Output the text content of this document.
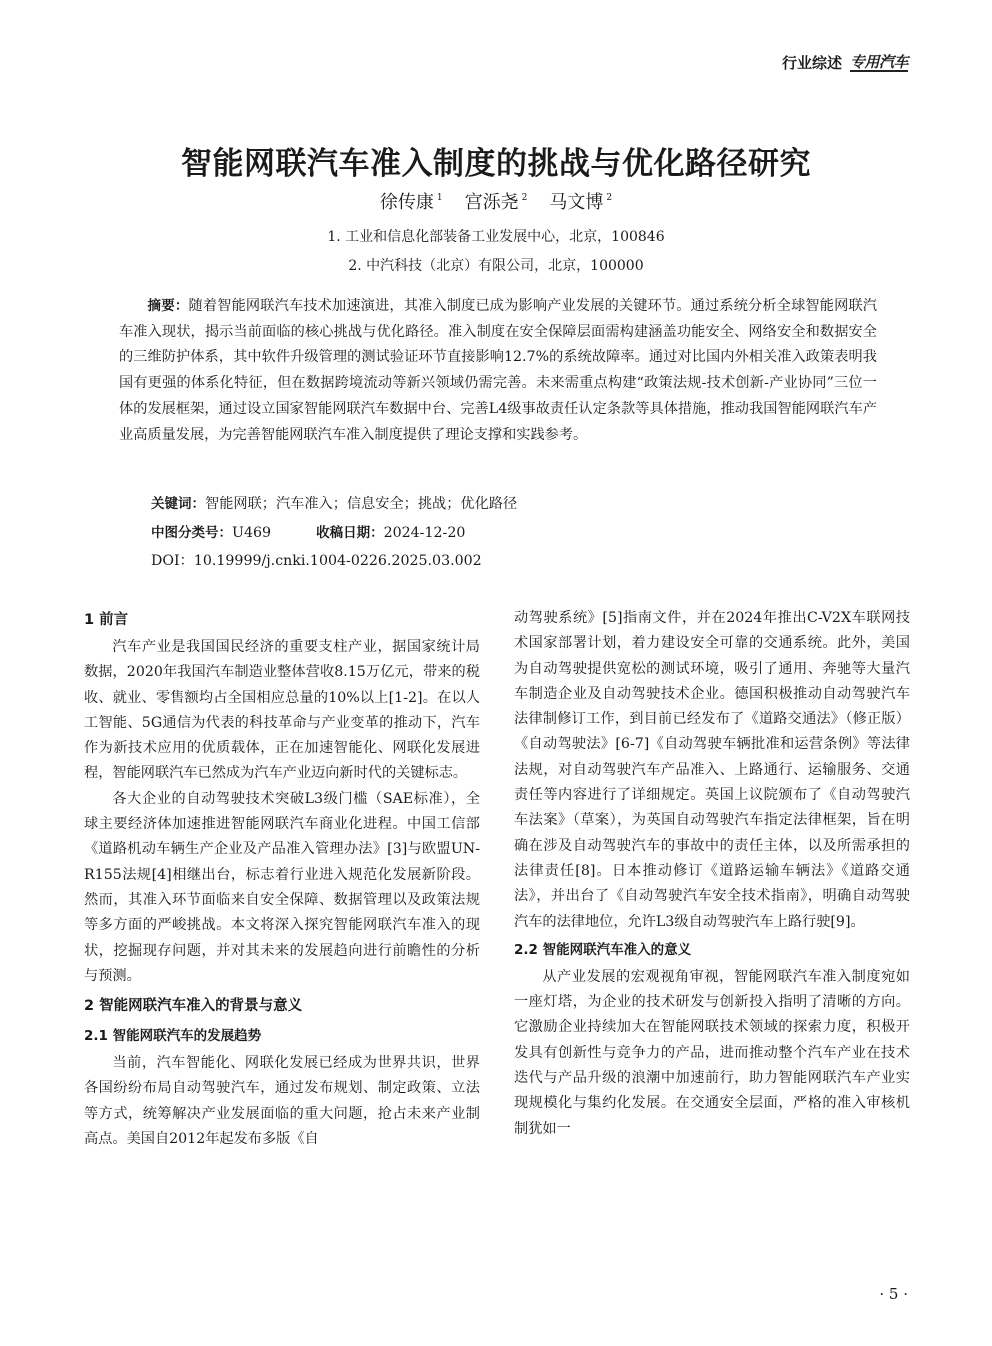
行业综述 专用汽车
智能网联汽车准入制度的挑战与优化路径研究
徐传康 $^1$ 宫泺尧 $^2$ 马文博 $^2$
1. 工业和信息化部装备工业发展中心，北京，100846
2. 中汽科技（北京）有限公司，北京，100000
摘要：随着智能网联汽车技术加速演进，其准入制度已成为影响产业发展的关键环节。通过系统分析全球智能网联汽车准入现状，揭示当前面临的核心挑战与优化路径。准入制度在安全保障层面需构建涵盖功能安全、网络安全和数据安全的三维防护体系，其中软件升级管理的测试验证环节直接影响12.7%的系统故障率。通过对比国内外相关准入政策表明我国有更强的体系化特征，但在数据跨境流动等新兴领域仍需完善。未来需重点构建“政策法规-技术创新-产业协同”三位一体的发展框架，通过设立国家智能网联汽车数据中台、完善L4级事故责任认定条款等具体措施，推动我国智能网联汽车产业高质量发展，为完善智能网联汽车准入制度提供了理论支撑和实践参考。
关键词：智能网联；汽车准入；信息安全；挑战；优化路径
中图分类号：U469	收稿日期：2024-12-20
DOI：10.19999/j.cnki.1004-0226.2025.03.002
1 前言

汽车产业是我国国民经济的重要支柱产业，据国家统计局数据，2020年我国汽车制造业整体营收8.15万亿元，带来的税收、就业、零售额均占全国相应总量的10%以上[1-2]。在以人工智能、5G通信为代表的科技革命与产业变革的推动下，汽车作为新技术应用的优质载体，正在加速智能化、网联化发展进程，智能网联汽车已然成为汽车产业迈向新时代的关键标志。

各大企业的自动驾驶技术突破L3级门槛（SAE标准），全球主要经济体加速推进智能网联汽车商业化进程。中国工信部《道路机动车辆生产企业及产品准入管理办法》[3]与欧盟UN-R155法规[4]相继出台，标志着行业进入规范化发展新阶段。然而，其准入环节面临来自安全保障、数据管理以及政策法规等多方面的严峻挑战。本文将深入探究智能网联汽车准入的现状，挖掘现存问题，并对其未来的发展趋向进行前瞻性的分析与预测。

2 智能网联汽车准入的背景与意义
2.1 智能网联汽车的发展趋势

当前，汽车智能化、网联化发展已经成为世界共识，世界各国纷纷布局自动驾驶汽车，通过发布规划、制定政策、立法等方式，统筹解决产业发展面临的重大问题，抢占未来产业制高点。美国自2012年起发布多版《自

动驾驶系统》[5]指南文件，并在2024年推出C-V2X车联网技术国家部署计划，着力建设安全可靠的交通系统。此外，美国为自动驾驶提供宽松的测试环境，吸引了通用、奔驰等大量汽车制造企业及自动驾驶技术企业。德国积极推动自动驾驶汽车法律制修订工作，到目前已经发布了《道路交通法》（修正版）《自动驾驶法》[6-7]《自动驾驶车辆批准和运营条例》等法律法规，对自动驾驶汽车产品准入、上路通行、运输服务、交通责任等内容进行了详细规定。英国上议院颁布了《自动驾驶汽车法案》（草案），为英国自动驾驶汽车指定法律框架，旨在明确在涉及自动驾驶汽车的事故中的责任主体，以及所需承担的法律责任[8]。日本推动修订《道路运输车辆法》《道路交通法》，并出台了《自动驾驶汽车安全技术指南》，明确自动驾驶汽车的法律地位，允许L3级自动驾驶汽车上路行驶[9]。

2.2 智能网联汽车准入的意义

从产业发展的宏观视角审视，智能网联汽车准入制度宛如一座灯塔，为企业的技术研发与创新投入指明了清晰的方向。它激励企业持续加大在智能网联技术领域的探索力度，积极开发具有创新性与竞争力的产品，进而推动整个汽车产业在技术迭代与产品升级的浪潮中加速前行，助力智能网联汽车产业实现规模化与集约化发展。在交通安全层面，严格的准入审核机制犹如一

· 5 ·
